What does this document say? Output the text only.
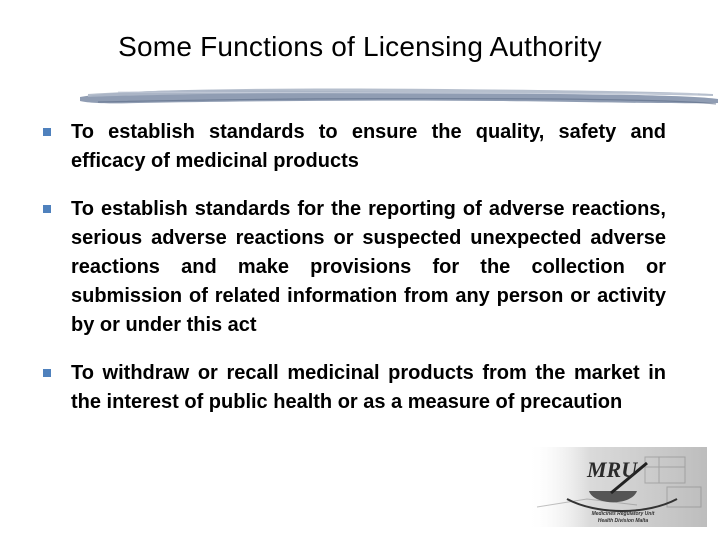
Some Functions of Licensing Authority
To establish standards to ensure the quality, safety and efficacy of medicinal products
To establish standards for the reporting of adverse reactions, serious adverse reactions or suspected unexpected adverse reactions and make provisions for the collection or submission of related information from any person or activity by or under this act
To withdraw or recall medicinal products from the market in the interest of public health or as a measure of precaution
MRU
Medicines Regulatory Unit
Health Division Malta
